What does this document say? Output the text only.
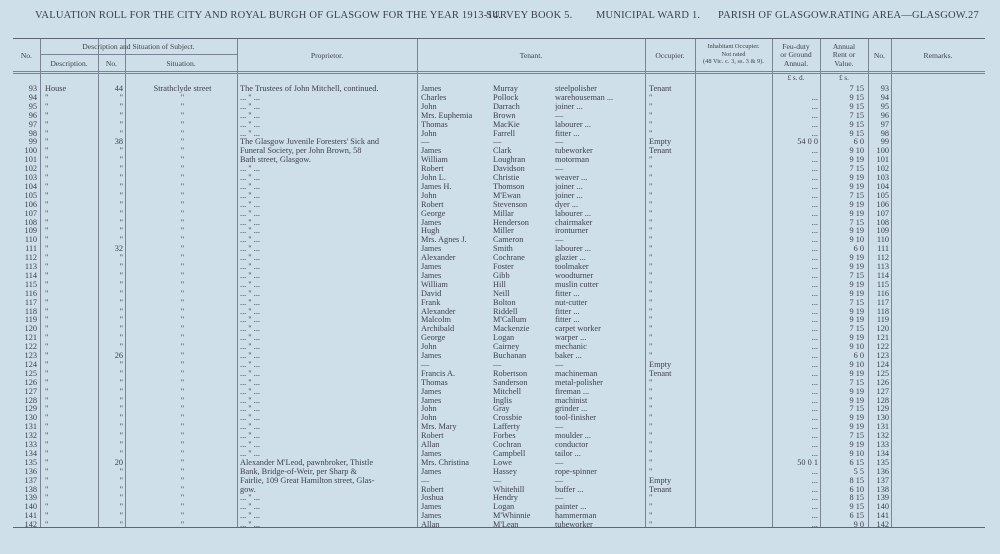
VALUATION ROLL FOR THE CITY AND ROYAL BURGH OF GLASGOW FOR THE YEAR 1913-14.
SURVEY BOOK 5. MUNICIPAL WARD 1. PARISH OF GLASGOW. RATING AREA—GLASGOW. 27
No.
Description and Situation of Subject.
Description.	No.	Situation.
Proprietor.	Tenant.	Occupier.
Inhabitant Occupier.
Not rated
(48 Vic. c. 3, ss. 3 & 9).
Feu-duty
or Ground
Annual.
Annual
Rent or
Value.
No.	Remarks.
£ s. d.	£ s.
93 House	44	Strathclyde street	The Trustees of John Mitchell, continued.	James	Murray	steelpolisher	Tenant	7 15	93
94 "	"	"	... " ...	Charles	Pollock	warehouseman ...	"	...	9 15	94
95 "	"	"	... " ...	John	Darrach	joiner ...	"	...	9 15	95
96 "	"	"	... " ...	Mrs. Euphemia	Brown	—	"	...	7 15	96
97 "	"	"	... " ...	Thomas	MacKie	labourer ...	"	...	9 15	97
98 "	"	"	... " ...	John	Farrell	fitter ...	"	...	9 15	98
99 "	38	"	The Glasgow Juvenile Foresters' Sick and	—	—	—	Empty	54 0 0	6 0	99
100 "	"	"	Funeral Society, per John Brown, 58	James	Clark	tubeworker	Tenant	...	9 10	100
101 "	"	"	Bath street, Glasgow.	William	Loughran	motorman	"	...	9 19	101
102 "	"	"	... " ...	Robert	Davidson	—	"	...	7 15	102
103 "	"	"	... " ...	John L.	Christie	weaver ...	"	...	9 19	103
104 "	"	"	... " ...	James H.	Thomson	joiner ...	"	...	9 19	104
105 "	"	"	... " ...	John	M'Ewan	joiner ...	"	...	7 15	105
106 "	"	"	... " ...	Robert	Stevenson	dyer ...	"	...	9 19	106
107 "	"	"	... " ...	George	Millar	labourer ...	"	...	9 19	107
108 "	"	"	... " ...	James	Henderson	chairmaker	"	...	7 15	108
109 "	"	"	... " ...	Hugh	Miller	ironturner	"	...	9 19	109
110 "	"	"	... " ...	Mrs. Agnes J.	Cameron	—	"	...	9 10	110
111 "	32	"	... " ...	James	Smith	labourer ...	"	...	6 0	111
112 "	"	"	... " ...	Alexander	Cochrane	glazier ...	"	...	9 19	112
113 "	"	"	... " ...	James	Foster	toolmaker	"	...	9 19	113
114 "	"	"	... " ...	James	Gibb	woodturner	"	...	7 15	114
115 "	"	"	... " ...	William	Hill	muslin cutter	"	...	9 19	115
116 "	"	"	... " ...	David	Neill	fitter ...	"	...	9 19	116
117 "	"	"	... " ...	Frank	Bolton	nut-cutter	"	...	7 15	117
118 "	"	"	... " ...	Alexander	Riddell	fitter ...	"	...	9 19	118
119 "	"	"	... " ...	Malcolm	M'Callum	fitter ...	"	...	9 19	119
120 "	"	"	... " ...	Archibald	Mackenzie	carpet worker	"	...	7 15	120
121 "	"	"	... " ...	George	Logan	warper ...	"	...	9 19	121
122 "	"	"	... " ...	John	Cairney	mechanic	"	...	9 10	122
123 "	26	"	... " ...	James	Buchanan	baker ...	"	...	6 0	123
124 "	"	"	... " ...	—	—	—	Empty	...	9 10	124
125 "	"	"	... " ...	Francis A.	Robertson	machineman	Tenant	...	9 19	125
126 "	"	"	... " ...	Thomas	Sanderson	metal-polisher	"	...	7 15	126
127 "	"	"	... " ...	James	Mitchell	fireman ...	"	...	9 19	127
128 "	"	"	... " ...	James	Inglis	machinist	"	...	9 19	128
129 "	"	"	... " ...	John	Gray	grinder ...	"	...	7 15	129
130 "	"	"	... " ...	John	Crossbie	tool-finisher	"	...	9 19	130
131 "	"	"	... " ...	Mrs. Mary	Lafferty	—	"	...	9 19	131
132 "	"	"	... " ...	Robert	Forbes	moulder ...	"	...	7 15	132
133 "	"	"	... " ...	Allan	Cochran	conductor	"	...	9 19	133
134 "	"	"	... " ...	James	Campbell	tailor ...	"	...	9 10	134
135 "	20	"	Alexander M'Leod, pawnbroker, Thistle	Mrs. Christina	Lowe	—	"	50 0 1	6 15	135
136 "	"	"	Bank, Bridge-of-Weir, per Sharp &	James	Hassey	rope-spinner	"	...	5 5	136
137 "	"	"	Fairlie, 109 Great Hamilton street, Glas-	—	—	—	Empty	...	8 15	137
138 "	"	"	gow.	Robert	Whitehill	buffer ...	Tenant	...	6 10	138
139 "	"	"	... " ...	Joshua	Hendry	—	"	...	8 15	139
140 "	"	"	... " ...	James	Logan	painter ...	"	...	9 15	140
141 "	"	"	... " ...	James	M'Whinnie	hammerman	"	...	6 15	141
142 "	"	"	... " ...	Allan	M'Lean	tubeworker	"	...	9 0	142
